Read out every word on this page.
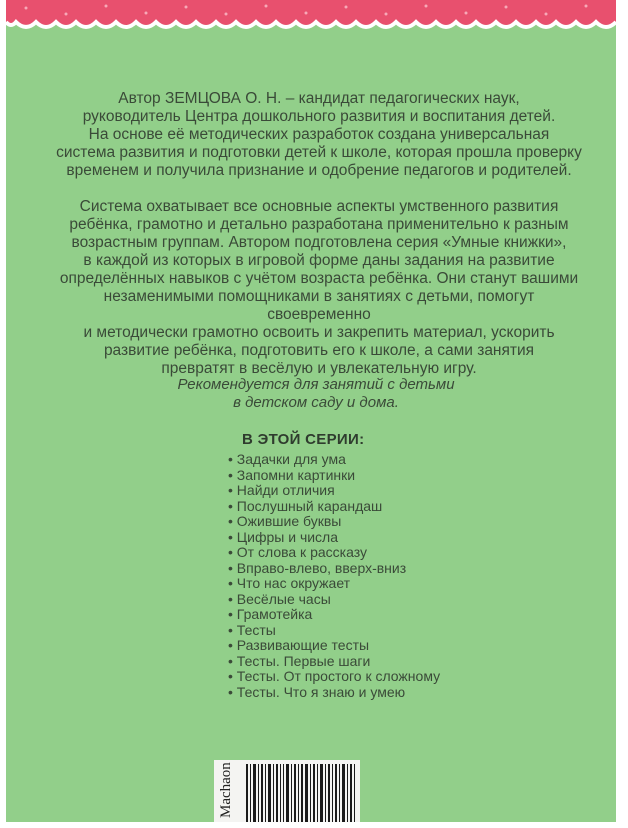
Автор ЗЕМЦОВА О. Н. – кандидат педагогических наук,
руководитель Центра дошкольного развития и воспитания детей.
На основе её методических разработок создана универсальная
система развития и подготовки детей к школе, которая прошла проверку
временем и получила признание и одобрение педагогов и родителей.
Система охватывает все основные аспекты умственного развития
ребёнка, грамотно и детально разработана применительно к разным
возрастным группам. Автором подготовлена серия «Умные книжки»,
в каждой из которых в игровой форме даны задания на развитие
определённых навыков с учётом возраста ребёнка. Они станут вашими
незаменимыми помощниками в занятиях с детьми, помогут своевременно
и методически грамотно освоить и закрепить материал, ускорить
развитие ребёнка, подготовить его к школе, а сами занятия
превратят в весёлую и увлекательную игру.
Рекомендуется для занятий с детьми
в детском саду и дома.
В ЭТОЙ СЕРИИ:
• Задачки для ума
• Запомни картинки
• Найди отличия
• Послушный карандаш
• Ожившие буквы
• Цифры и числа
• От слова к рассказу
• Вправо-влево, вверх-вниз
• Что нас окружает
• Весёлые часы
• Грамотейка
• Тесты
• Развивающие тесты
• Тесты. Первые шаги
• Тесты. От простого к сложному
• Тесты. Что я знаю и умею
Machaon
